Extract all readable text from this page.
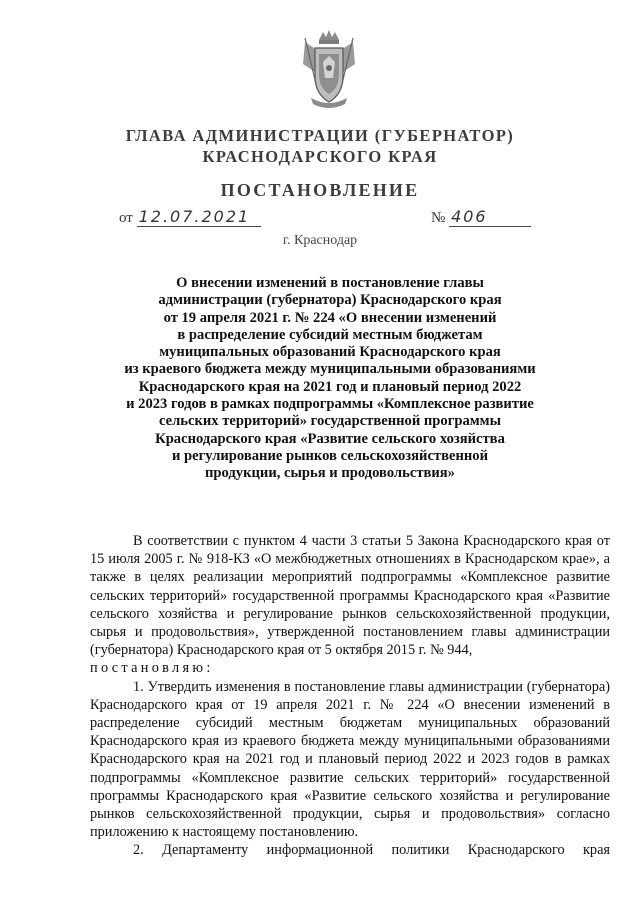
ГЛАВА АДМИНИСТРАЦИИ (ГУБЕРНАТОР)
КРАСНОДАРСКОГО КРАЯ
ПОСТАНОВЛЕНИЕ
от 12.07.2021	№ 406
г. Краснодар
О внесении изменений в постановление главы
администрации (губернатора) Краснодарского края
от 19 апреля 2021 г. № 224 «О внесении изменений
в распределение субсидий местным бюджетам
муниципальных образований Краснодарского края
из краевого бюджета между муниципальными образованиями
Краснодарского края на 2021 год и плановый период 2022
и 2023 годов в рамках подпрограммы «Комплексное развитие
сельских территорий» государственной программы
Краснодарского края «Развитие сельского хозяйства
и регулирование рынков сельскохозяйственной
продукции, сырья и продовольствия»

В соответствии с пунктом 4 части 3 статьи 5 Закона Краснодарского края от 15 июля 2005 г. № 918-КЗ «О межбюджетных отношениях в Краснодарском крае», а также в целях реализации мероприятий подпрограммы «Комплексное развитие сельских территорий» государственной программы Краснодарского края «Развитие сельского хозяйства и регулирование рынков сельскохозяйственной продукции, сырья и продовольствия», утвержденной постановлением главы администрации (губернатора) Краснодарского края от 5 октября 2015 г. № 944,

постановляю:

1. Утвердить изменения в постановление главы администрации (губернатора) Краснодарского края от 19 апреля 2021 г. № 224 «О внесении изменений в распределение субсидий местным бюджетам муниципальных образований Краснодарского края из краевого бюджета между муниципальными образованиями Краснодарского края на 2021 год и плановый период 2022 и 2023 годов в рамках подпрограммы «Комплексное развитие сельских территорий» государственной программы Краснодарского края «Развитие сельского хозяйства и регулирование рынков сельскохозяйственной продукции, сырья и продовольствия» согласно приложению к настоящему постановлению.

2. Департаменту информационной политики Краснодарского края
